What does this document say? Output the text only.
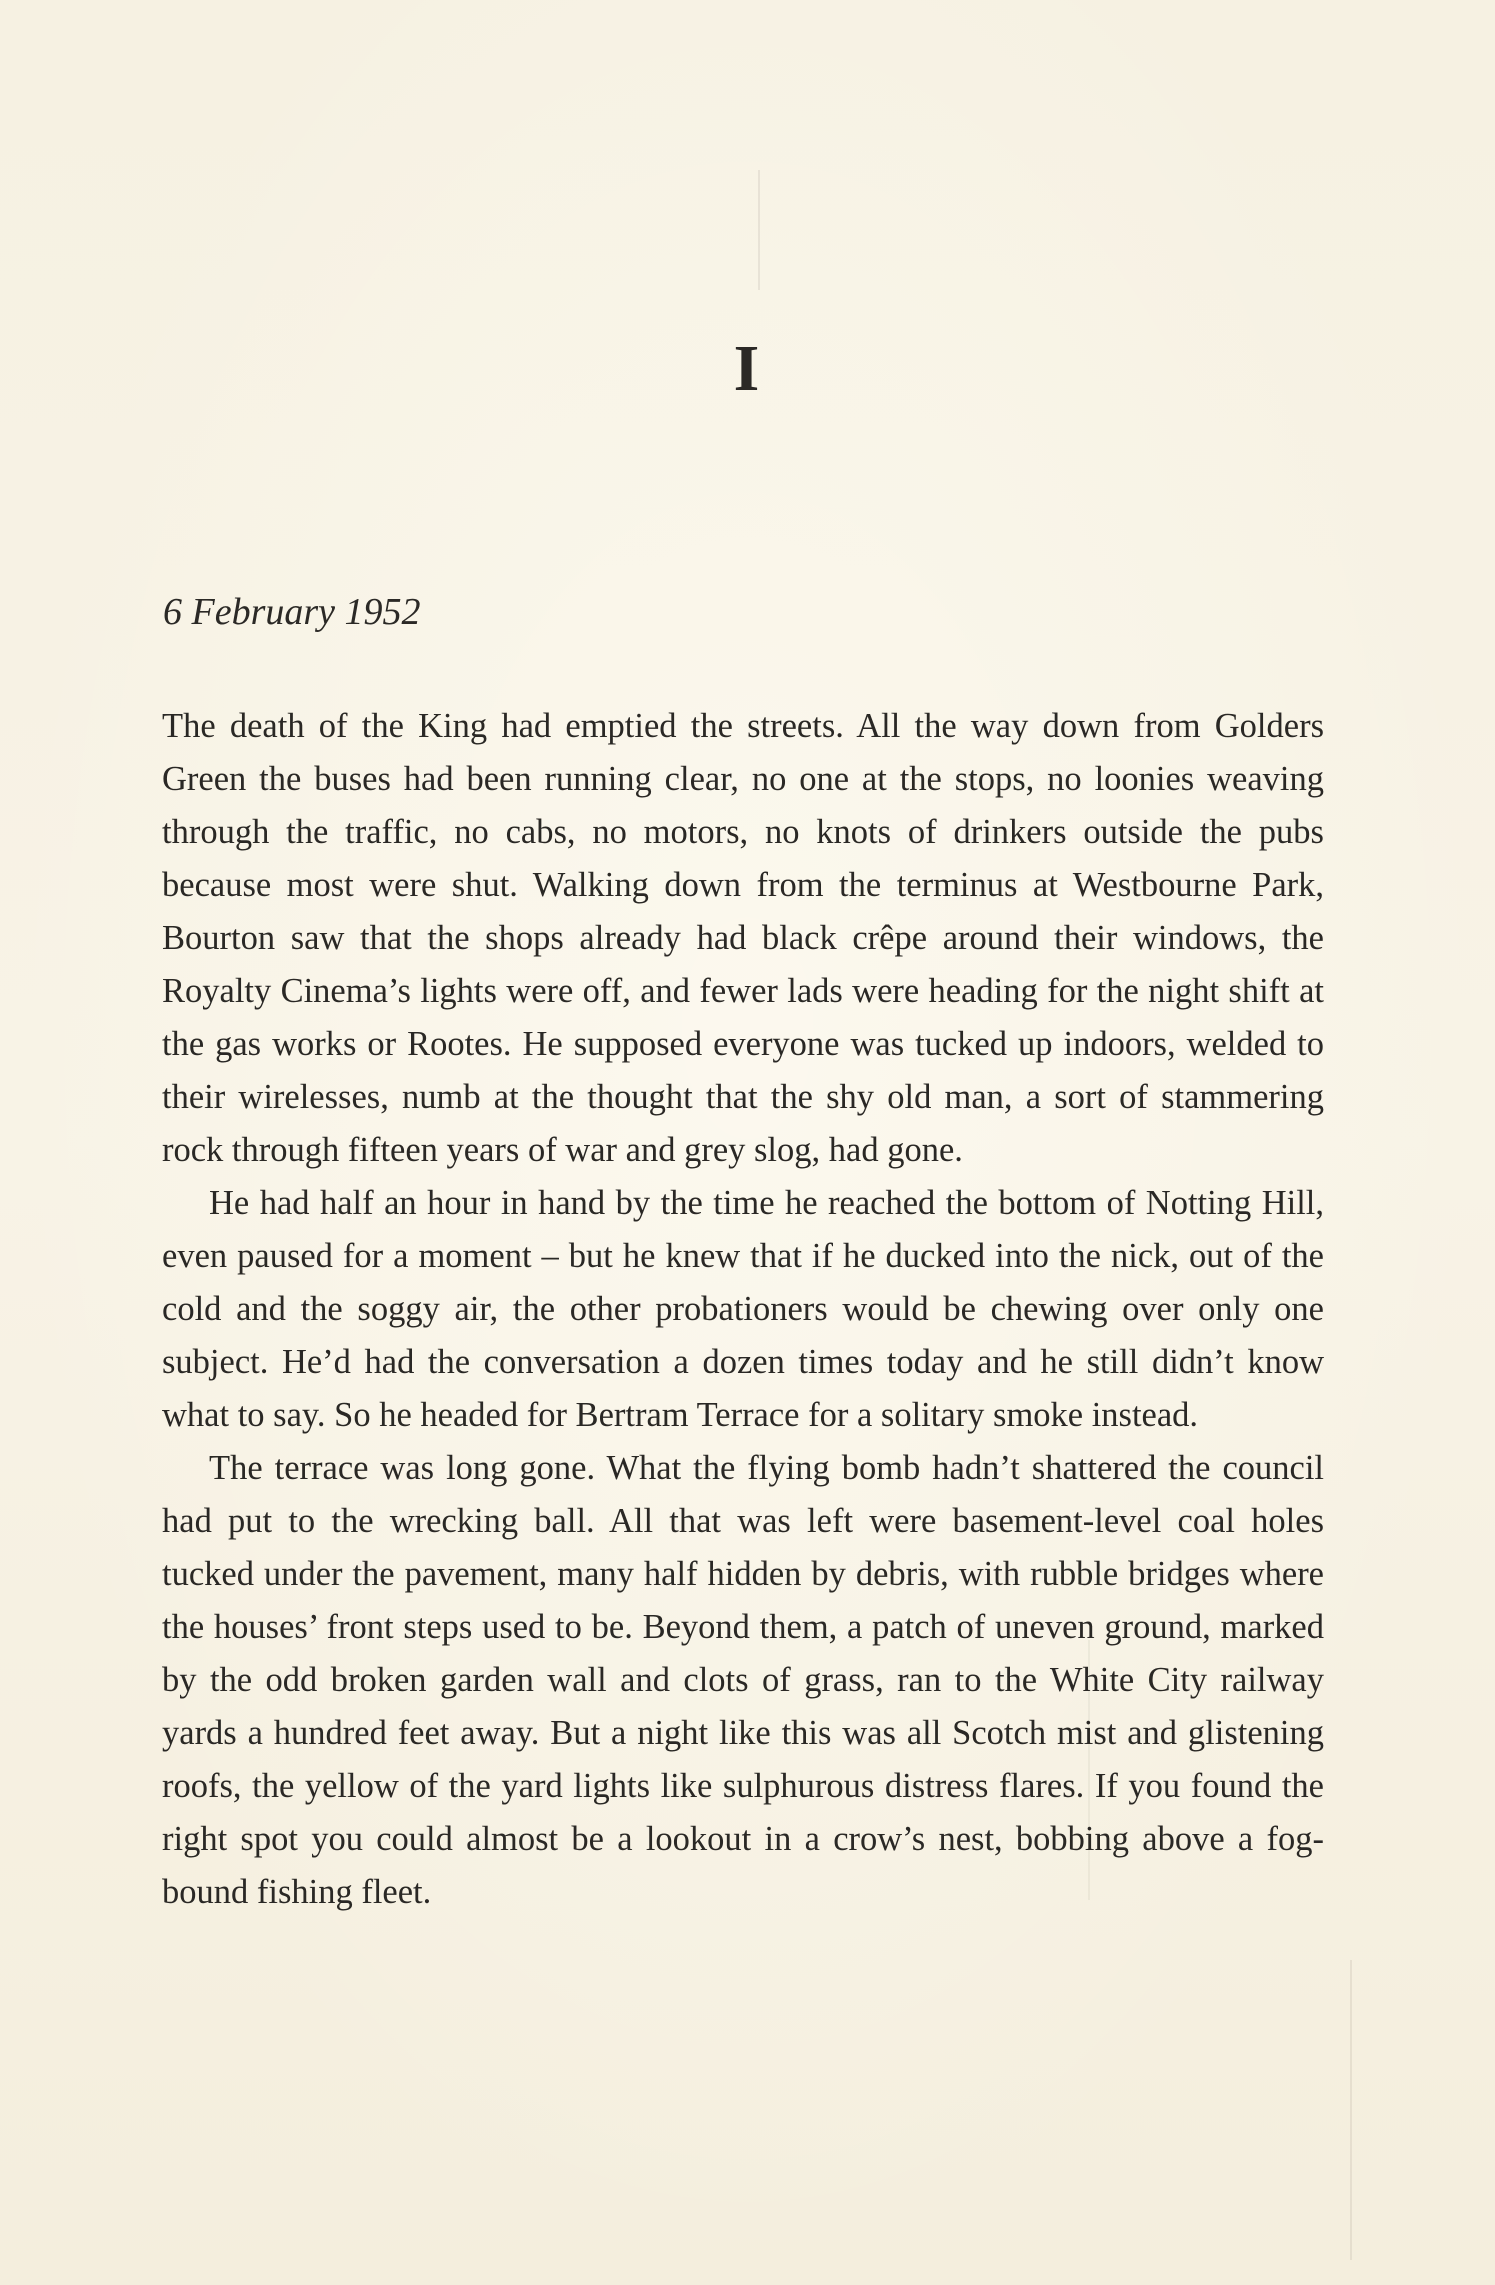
I
6 February 1952

The death of the King had emptied the streets. All the way down from Golders Green the buses had been running clear, no one at the stops, no loonies weaving through the traffic, no cabs, no motors, no knots of drinkers outside the pubs because most were shut. Walking down from the terminus at Westbourne Park, Bourton saw that the shops already had black crêpe around their windows, the Royalty Cinema’s lights were off, and fewer lads were heading for the night shift at the gas works or Rootes. He supposed everyone was tucked up indoors, welded to their wirelesses, numb at the thought that the shy old man, a sort of stammering rock through fifteen years of war and grey slog, had gone.

He had half an hour in hand by the time he reached the bottom of Notting Hill, even paused for a moment – but he knew that if he ducked into the nick, out of the cold and the soggy air, the other probationers would be chewing over only one subject. He’d had the conversation a dozen times today and he still didn’t know what to say. So he headed for Bertram Terrace for a solitary smoke instead.

The terrace was long gone. What the flying bomb hadn’t shattered the council had put to the wrecking ball. All that was left were basement-level coal holes tucked under the pavement, many half hidden by debris, with rubble bridges where the houses’ front steps used to be. Beyond them, a patch of uneven ground, marked by the odd broken garden wall and clots of grass, ran to the White City railway yards a hundred feet away. But a night like this was all Scotch mist and glistening roofs, the yellow of the yard lights like sulphurous distress flares. If you found the right spot you could almost be a lookout in a crow’s nest, bobbing above a fog-bound fishing fleet.
